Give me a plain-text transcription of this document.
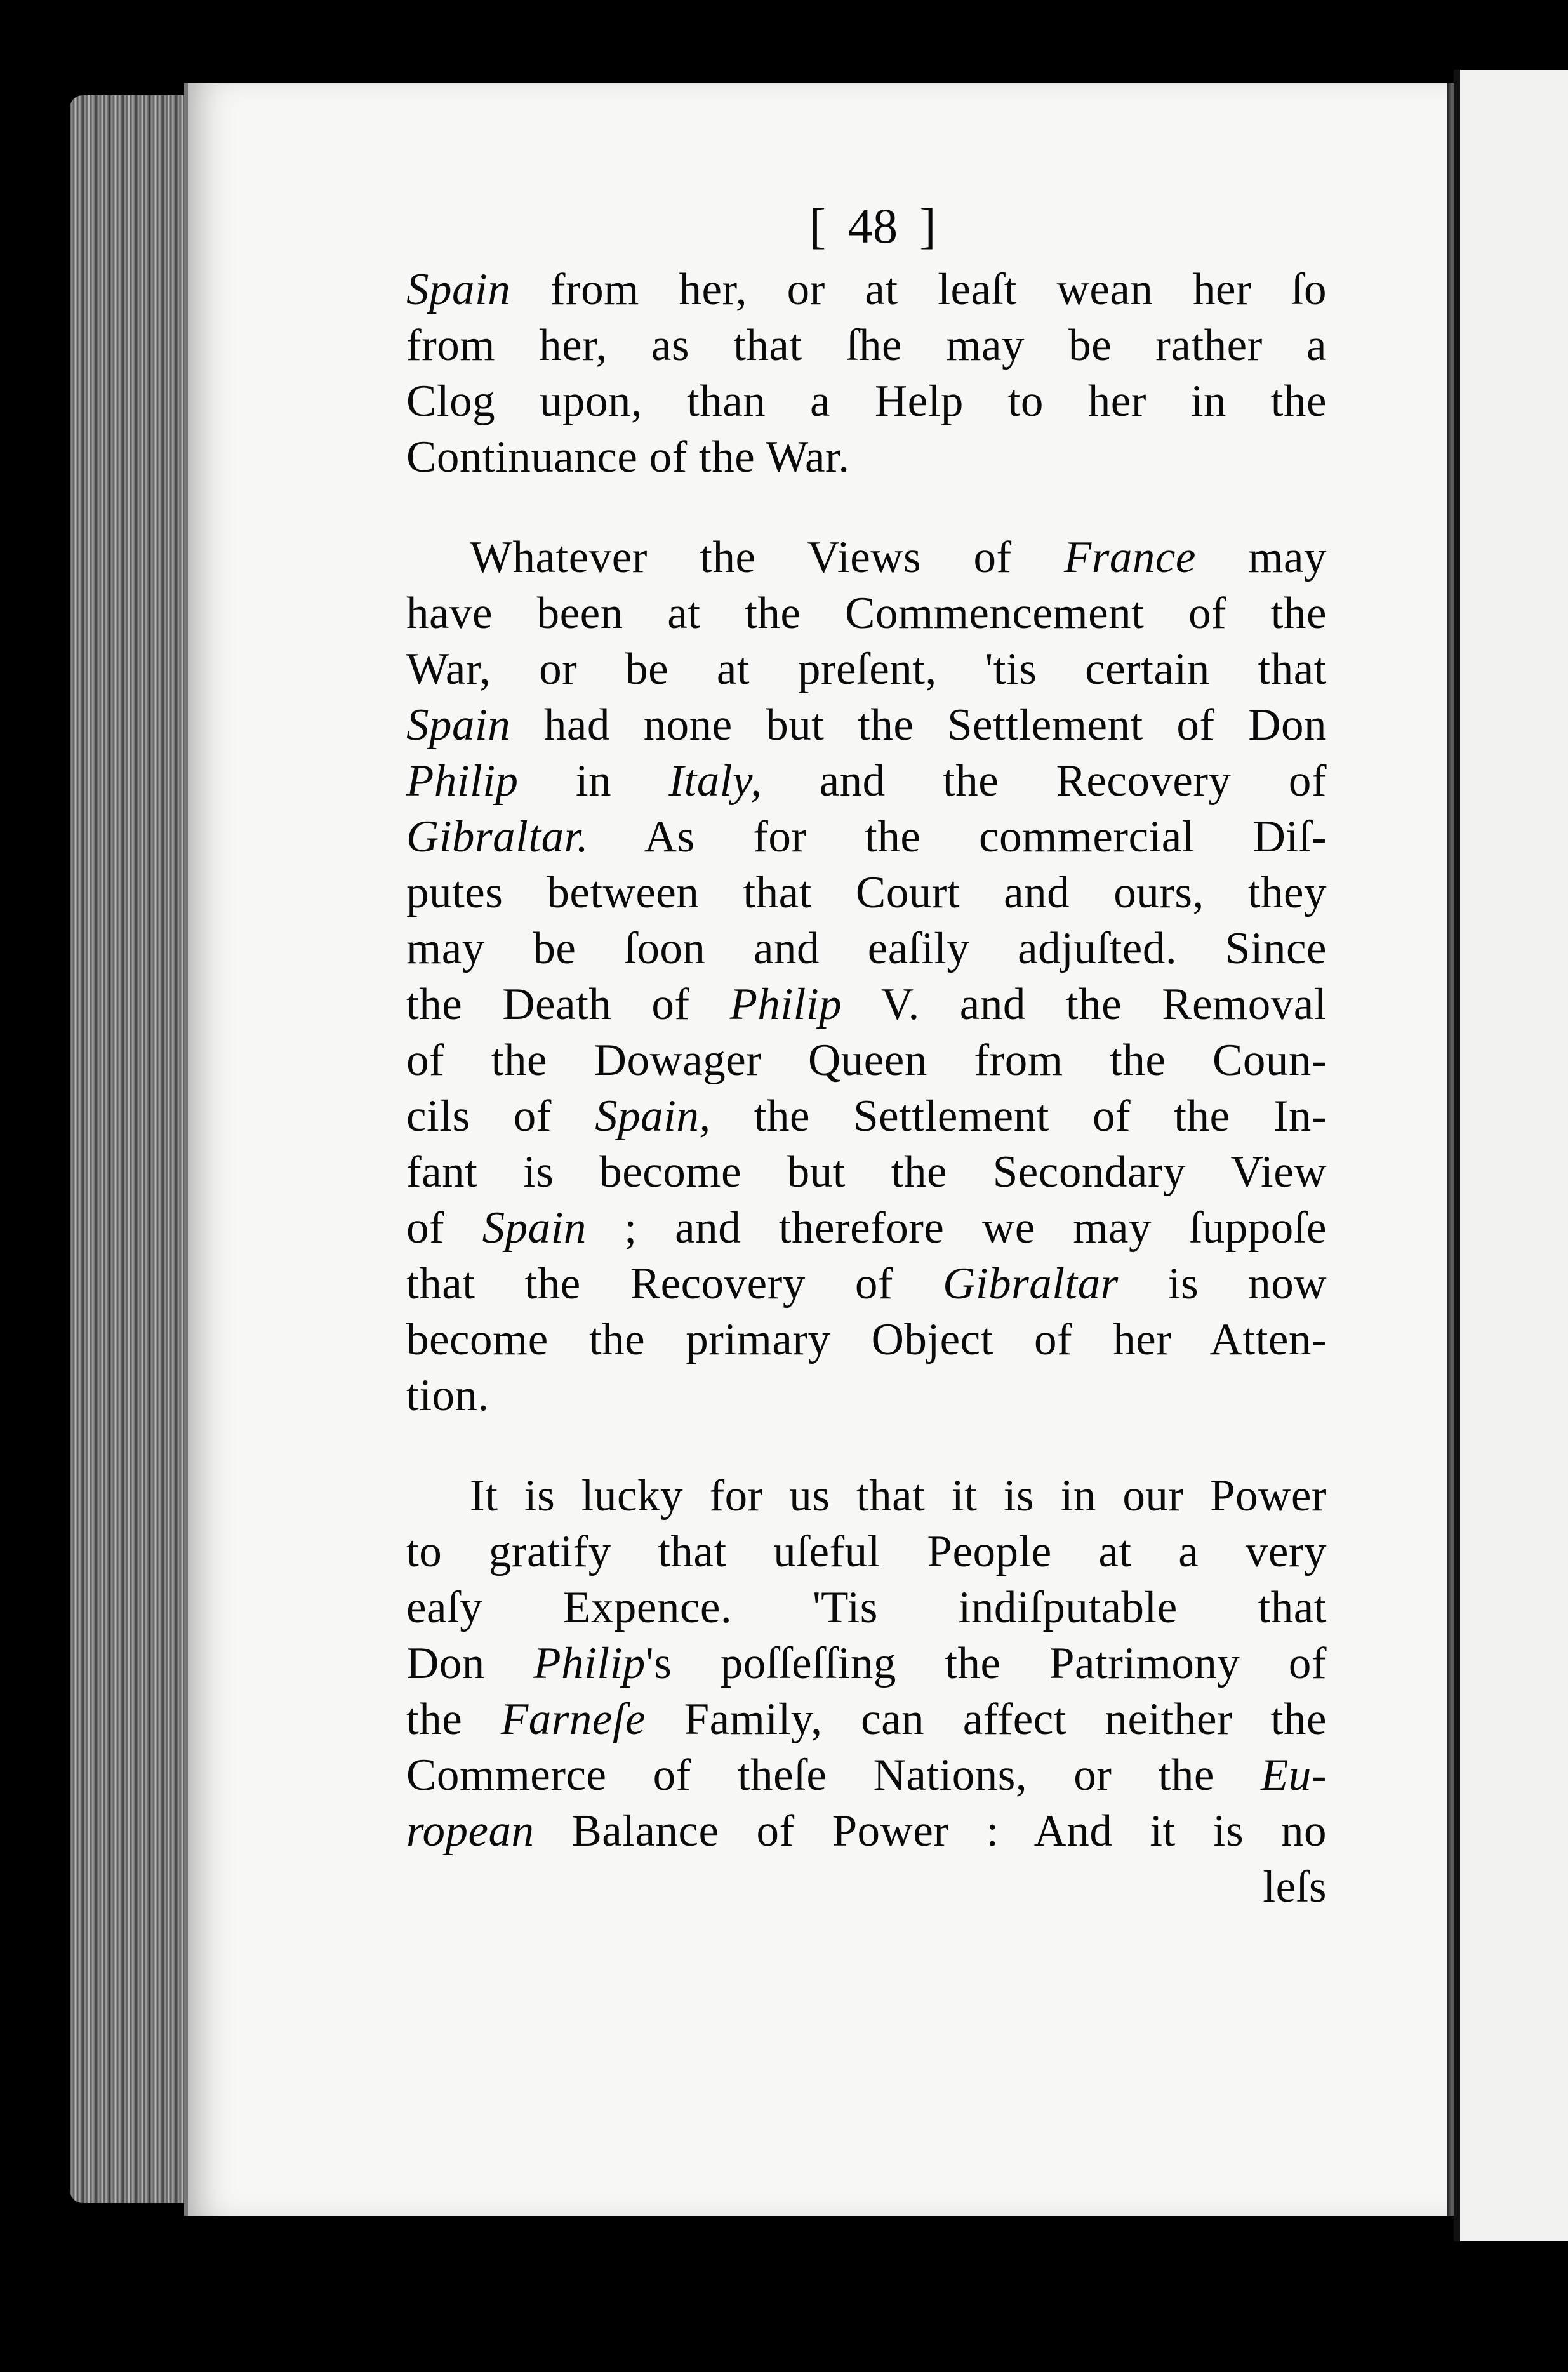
[ 48 ]
Spain from her, or at leaſt wean her ſo
from her, as that ſhe may be rather a
Clog upon, than a Help to her in the
Continuance of the War.
Whatever the Views of France may
have been at the Commencement of the
War, or be at preſent, 'tis certain that
Spain had none but the Settlement of Don
Philip in Italy, and the Recovery of
Gibraltar. As for the commercial Diſ-
putes between that Court and ours, they
may be ſoon and eaſily adjuſted. Since
the Death of Philip V. and the Removal
of the Dowager Queen from the Coun-
cils of Spain, the Settlement of the In-
fant is become but the Secondary View
of Spain ; and therefore we may ſuppoſe
that the Recovery of Gibraltar is now
become the primary Object of her Atten-
tion.
It is lucky for us that it is in our Power
to gratify that uſeful People at a very
eaſy Expence. 'Tis indiſputable that
Don Philip's poſſeſſing the Patrimony of
the Farneſe Family, can affect neither the
Commerce of theſe Nations, or the Eu-
ropean Balance of Power : And it is no
leſs
